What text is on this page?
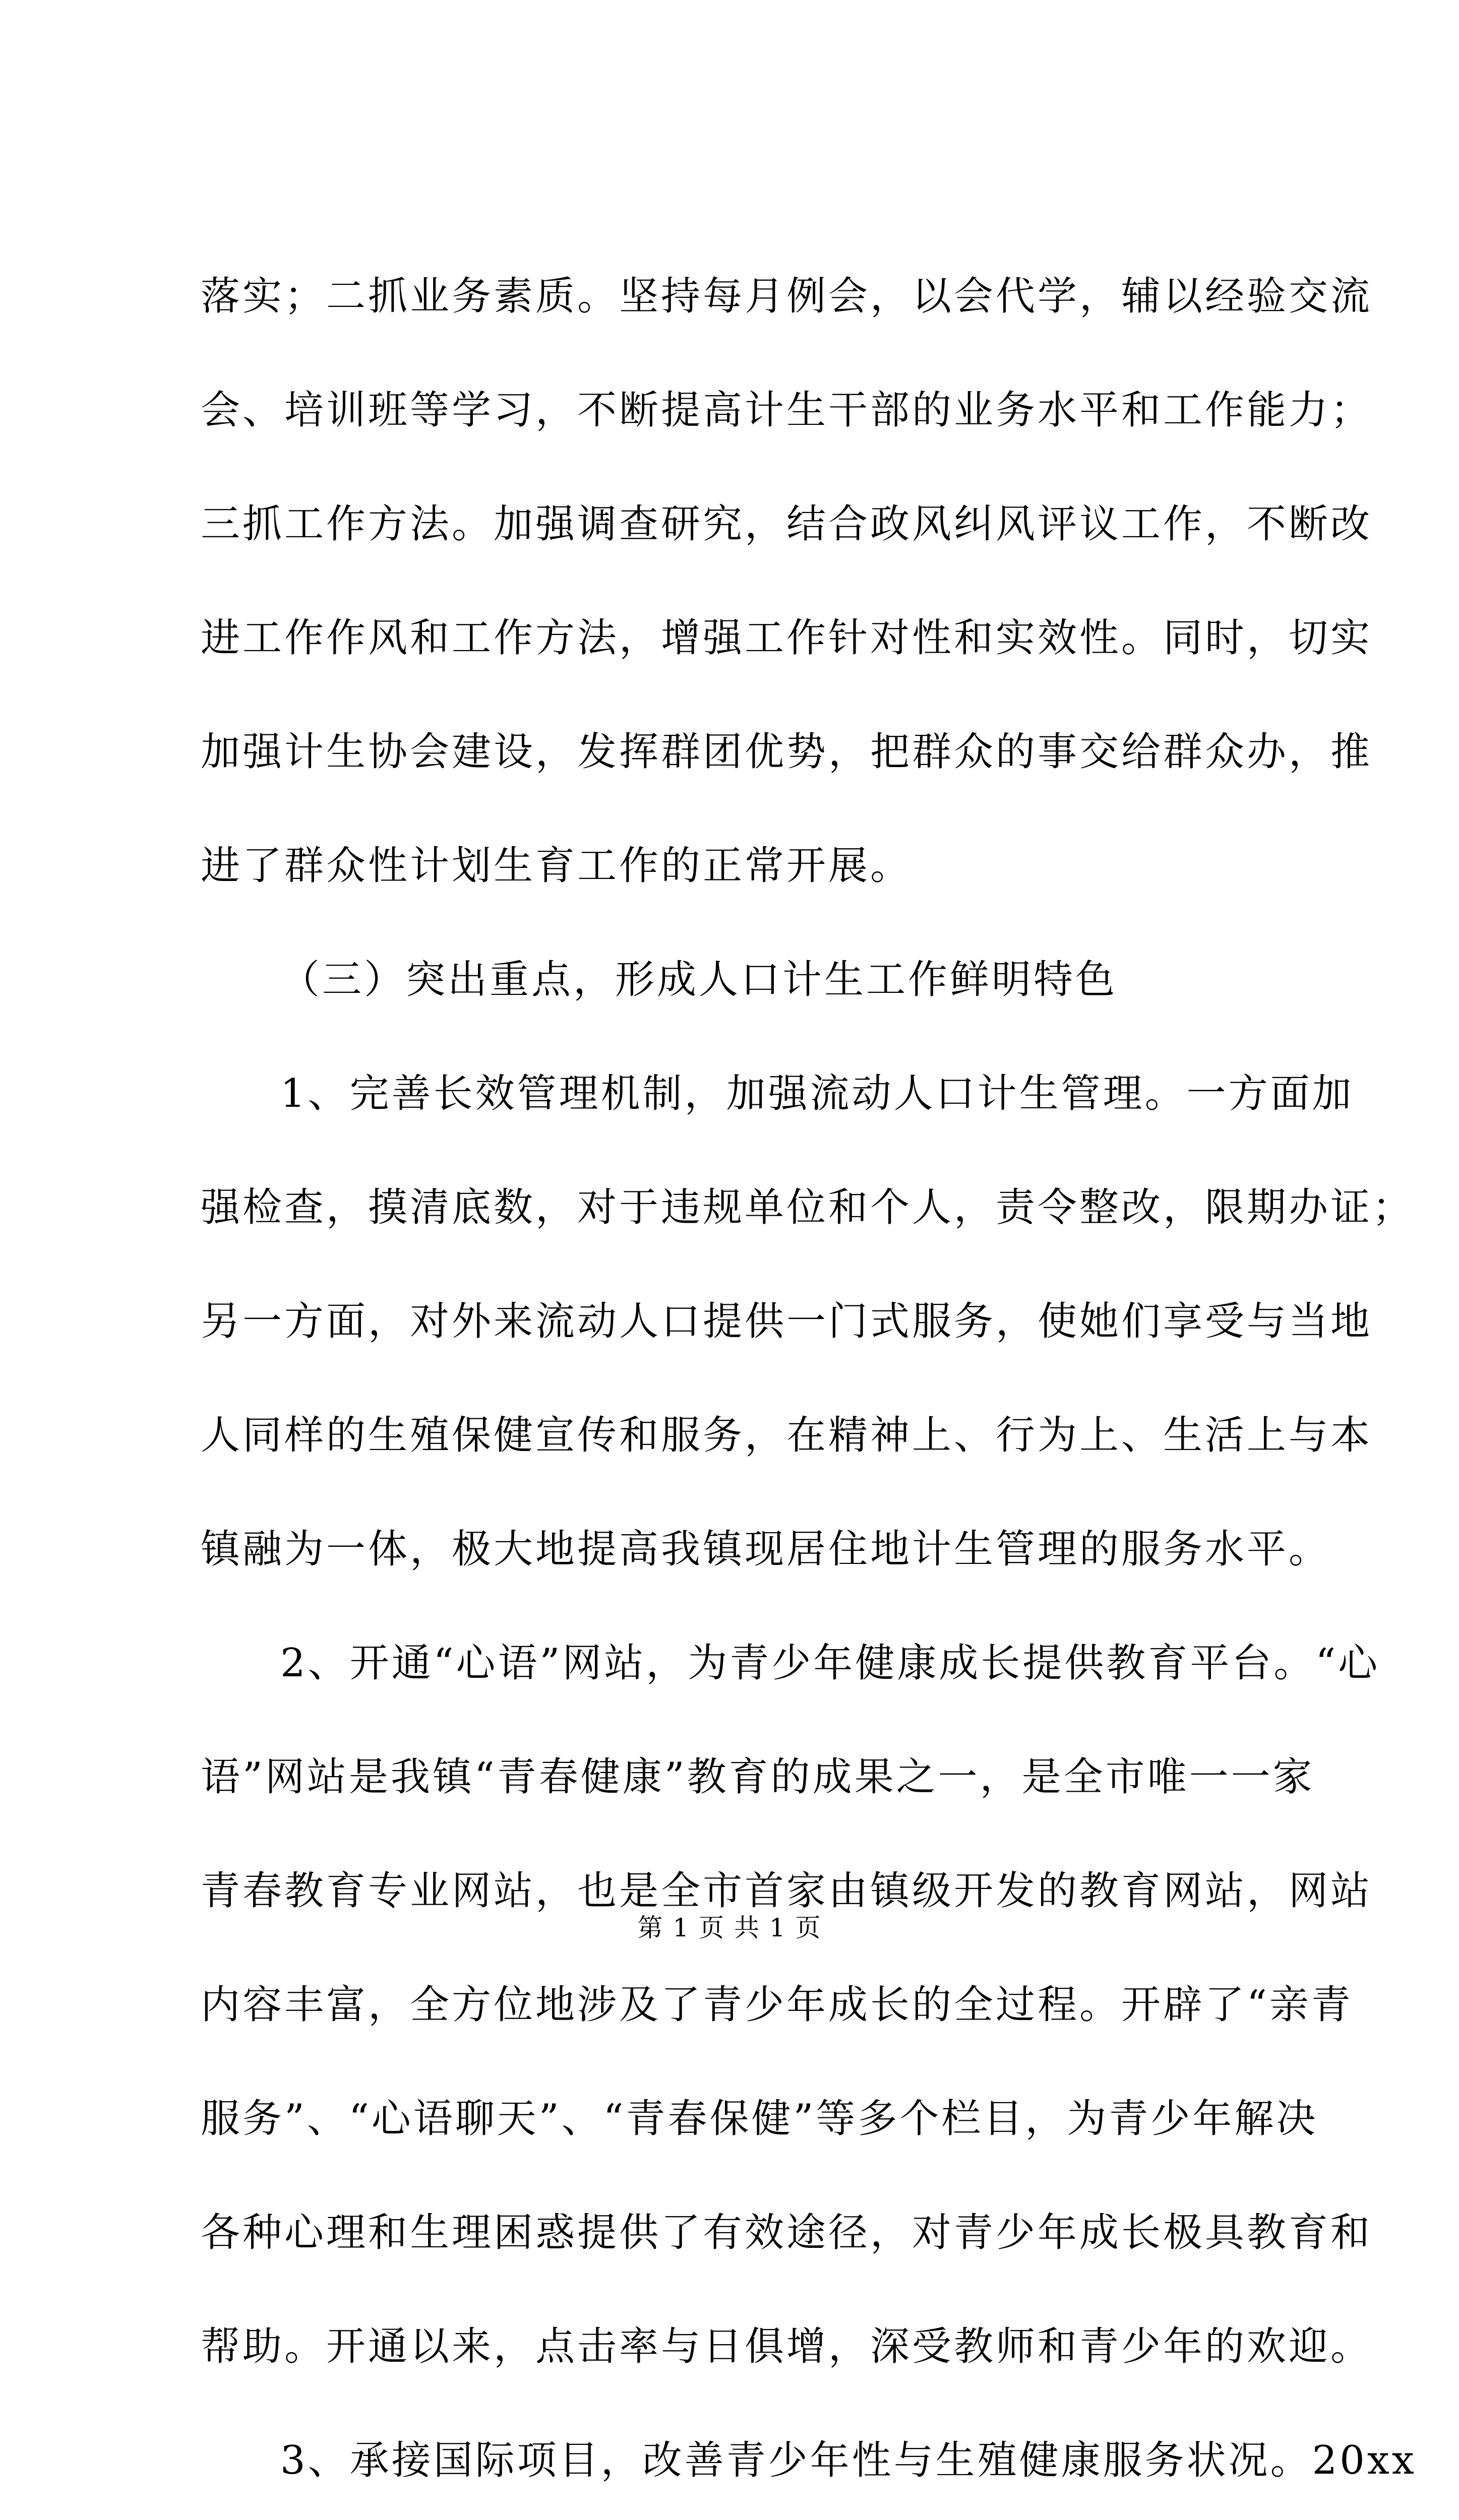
落实；二抓业务素质。坚持每月例会，以会代学，辅以经验交流
会、培训班等学习，不断提高计生干部的业务水平和工作能力；
三抓工作方法。加强调查研究，结合政风纠风评议工作，不断改
进工作作风和工作方法，增强工作针对性和实效性。同时，切实
加强计生协会建设，发挥群团优势，把群众的事交给群众办，推
进了群众性计划生育工作的正常开展。
（三）突出重点，形成人口计生工作鲜明特色
1、完善长效管理机制，加强流动人口计生管理。一方面加
强检查，摸清底数，对于违规单位和个人，责令整改，限期办证；
另一方面，对外来流动人口提供一门式服务，使她们享受与当地
人同样的生殖保健宣传和服务，在精神上、行为上、生活上与本
镇融为一体，极大地提高我镇现居住地计生管理的服务水平。
2、开通“心语”网站，为青少年健康成长提供教育平台。“心
语”网站是我镇“青春健康”教育的成果之一，是全市唯一一家
青春教育专业网站，也是全市首家由镇级开发的教育网站，网站
内容丰富，全方位地涉及了青少年成长的全过程。开辟了“亲青
服务”、“心语聊天”、“青春保健”等多个栏目，为青少年解决
各种心理和生理困惑提供了有效途径，对青少年成长极具教育和
帮助。开通以来，点击率与日俱增，深受教师和青少年的欢迎。
3、承接国际项目，改善青少年性与生殖健康服务状况。20xx
第 1 页 共 1 页
